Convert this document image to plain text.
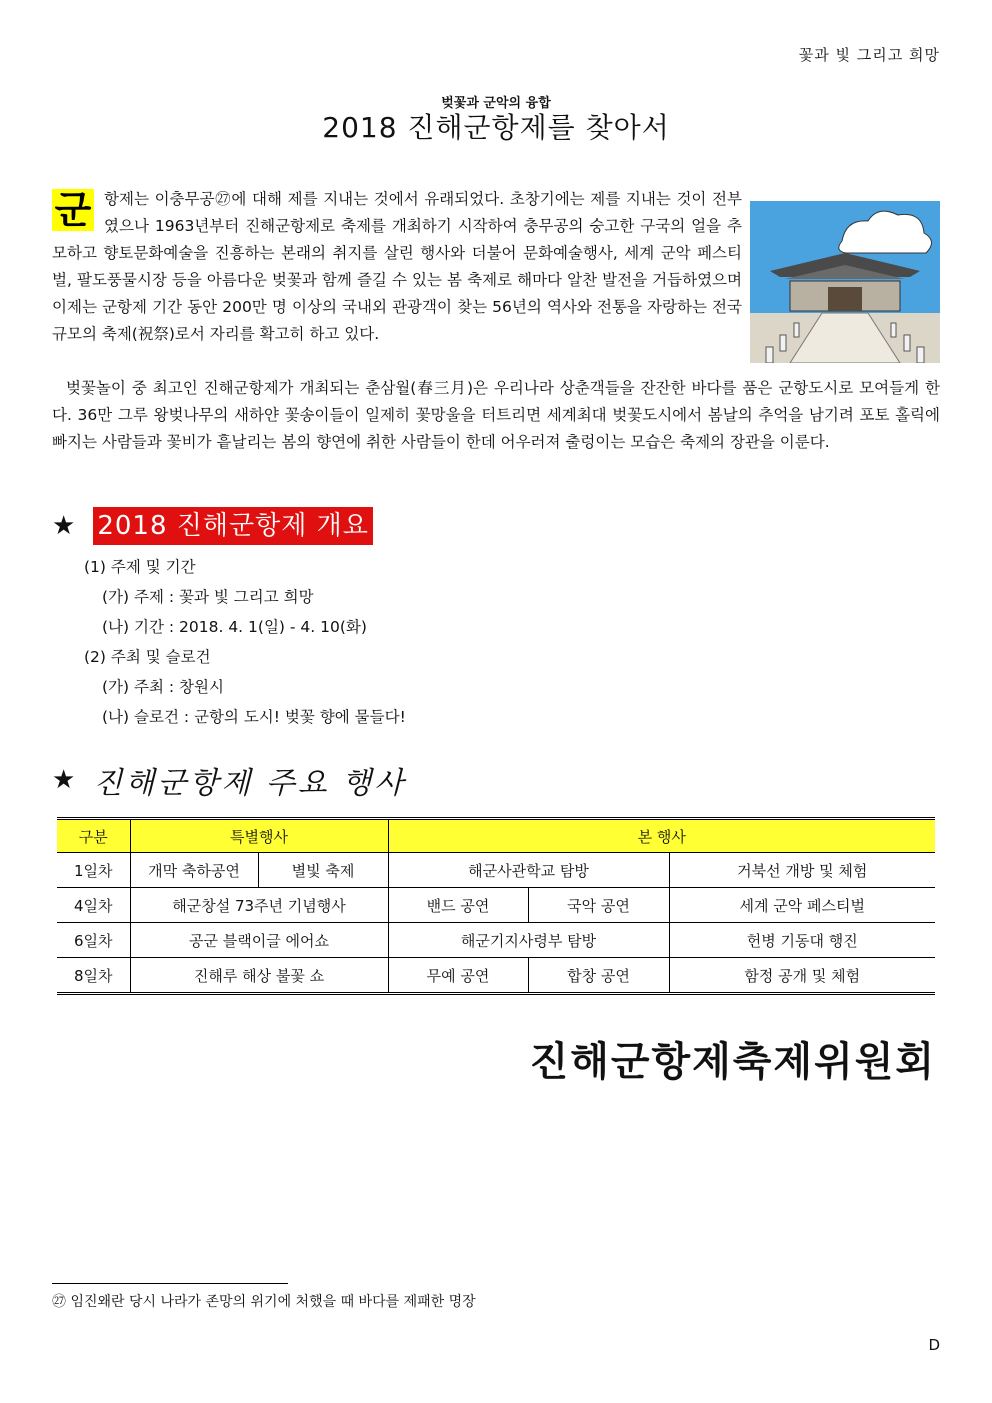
꽃과 빛 그리고 희망
벚꽃과 군악의 융합
2018 진해군항제를 찾아서
군 항제는 이충무공㉗에 대해 제를 지내는 것에서 유래되었다. 초창기에는 제를 지내는 것이 전부였으나 1963년부터 진해군항제로 축제를 개최하기 시작하여 충무공의 숭고한 구국의 얼을 추모하고 향토문화예술을 진흥하는 본래의 취지를 살린 행사와 더불어 문화예술행사, 세계 군악 페스티벌, 팔도풍물시장 등을 아름다운 벚꽃과 함께 즐길 수 있는 봄 축제로 해마다 알찬 발전을 거듭하였으며 이제는 군항제 기간 동안 200만 명 이상의 국내외 관광객이 찾는 56년의 역사와 전통을 자랑하는 전국 규모의 축제(祝祭)로서 자리를 확고히 하고 있다.
벚꽃놀이 중 최고인 진해군항제가 개최되는 춘삼월(春三月)은 우리나라 상춘객들을 잔잔한 바다를 품은 군항도시로 모여들게 한다. 36만 그루 왕벚나무의 새하얀 꽃송이들이 일제히 꽃망울을 터트리면 세계최대 벚꽃도시에서 봄날의 추억을 남기려 포토 홀릭에 빠지는 사람들과 꽃비가 흩날리는 봄의 향연에 취한 사람들이 한데 어우러져 출렁이는 모습은 축제의 장관을 이룬다.
★ 2018 진해군항제 개요
(1) 주제 및 기간
(가) 주제 : 꽃과 빛 그리고 희망
(나) 기간 : 2018. 4. 1(일) - 4. 10(화)
(2) 주최 및 슬로건
(가) 주최 : 창원시
(나) 슬로건 : 군항의 도시! 벚꽃 향에 물들다!
★ 진해군항제 주요 행사
구분	특별행사		본 행사		
1일차	개막 축하공연	별빛 축제	해군사관학교 탐방		거북선 개방 및 체험
4일차	해군창설 73주년 기념행사		밴드 공연	국악 공연	세계 군악 페스티벌
6일차	공군 블랙이글 에어쇼		해군기지사령부 탐방		헌병 기동대 행진
8일차	진해루 해상 불꽃 쇼		무예 공연	합창 공연	함정 공개 및 체험
진해군항제축제위원회
㉗ 임진왜란 당시 나라가 존망의 위기에 처했을 때 바다를 제패한 명장
D
